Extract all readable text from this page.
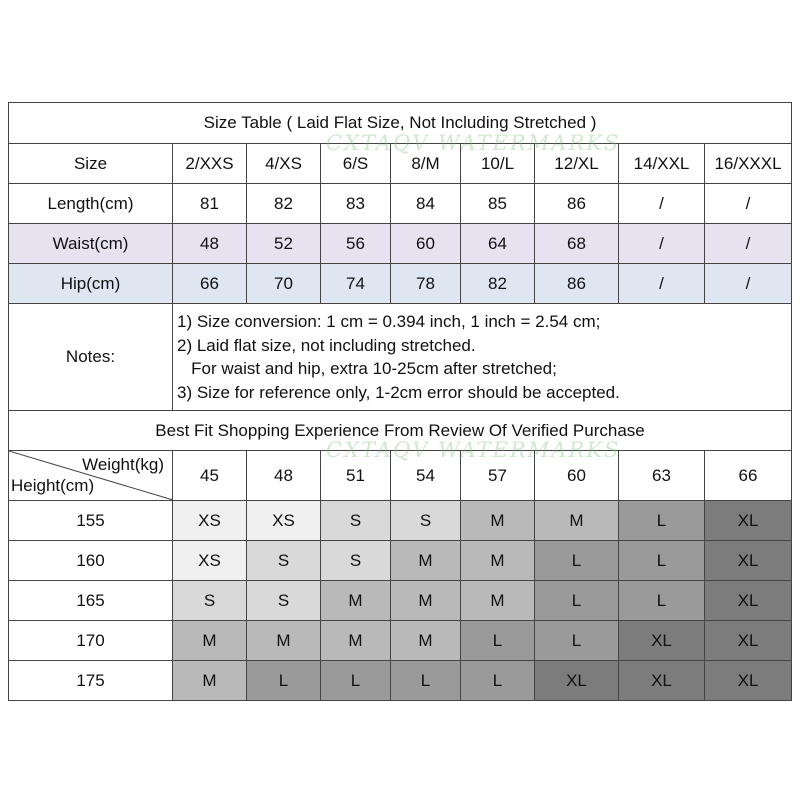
Size Table ( Laid Flat Size, Not Including Stretched )								
Size	2/XXS	4/XS	6/S	8/M	10/L	12/XL	14/XXL	16/XXXL
Length(cm)	81	82	83	84	85	86	/	/
Waist(cm)	48	52	56	60	64	68	/	/
Hip(cm)	66	70	74	78	82	86	/	/
Notes:	1) Size conversion: 1 cm = 0.394 inch, 1 inch = 2.54 cm;
2) Laid flat size, not including stretched.
For waist and hip, extra 10-25cm after stretched;
3) Size for reference only, 1-2cm error should be accepted.							

Best Fit Shopping Experience From Review Of Verified Purchase								

Weight(kg)
Height(cm)	45	48	51	54	57	60	63	66
155	XS	XS	S	S	M	M	L	XL
160	XS	S	S	M	M	L	L	XL
165	S	S	M	M	M	L	L	XL
170	M	M	M	M	L	L	XL	XL
175	M	L	L	L	L	XL	XL	XL
CXTAQV WATERMARKS
CXTAQV WATERMARKS
